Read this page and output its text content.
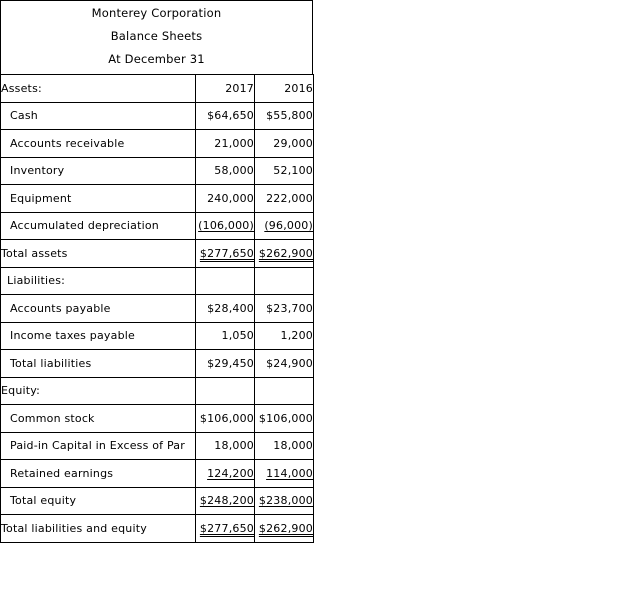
Monterey Corporation
Balance Sheets
At December 31
Assets:	2017	2016
Cash	$64,650	$55,800
Accounts receivable	21,000	29,000
Inventory	58,000	52,100
Equipment	240,000	222,000
Accumulated depreciation	(106,000)	(96,000)
Total assets	$277,650	$262,900
Liabilities:		
Accounts payable	$28,400	$23,700
Income taxes payable	1,050	1,200
Total liabilities	$29,450	$24,900
Equity:		
Common stock	$106,000	$106,000
Paid-in Capital in Excess of Par	18,000	18,000
Retained earnings	124,200	114,000
Total equity	$248,200	$238,000
Total liabilities and equity	$277,650	$262,900
